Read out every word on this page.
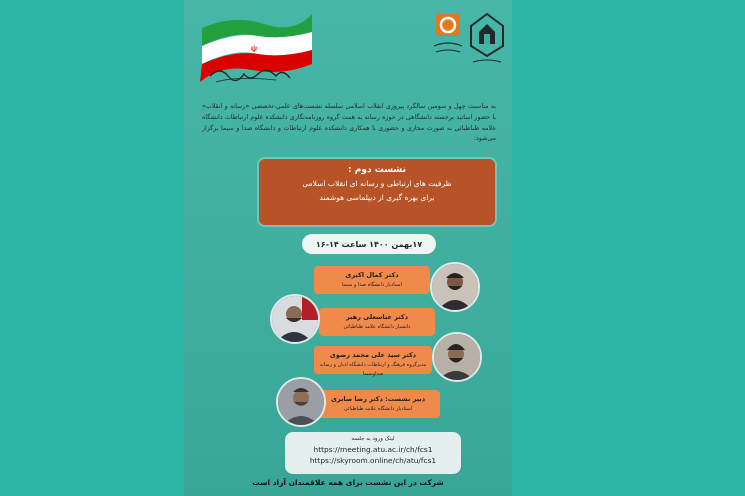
☫

به مناسبت چهل و سومین سالگرد پیروزی انقلاب اسلامی سلسله نشست‌های علمی-تخصصی «رسانه و انقلاب» با حضور اساتید برجسته دانشگاهی در حوزه رسانه به همت گروه روزنامه‌نگاری دانشکده علوم ارتباطات دانشگاه علامه طباطبائی به صورت مجازی و حضوری با همکاری دانشکده علوم ارتباطات و دانشگاه صدا و سیما برگزار می‌شود:

نشست دوم :
ظرفیت های ارتباطی و رسانه ای انقلاب اسلامی
برای بهره گیری از دیپلماسی هوشمند
۱۷بهمن ۱۴۰۰ ساعت ۱۴-۱۶
دکتر کمال اکبری
استادیار دانشگاه صدا و سیما
دکتر عباسعلی رهبر
دانشیار دانشگاه علامه طباطبائی
دکتر سید علی محمد رضوی
مدیرگروه فرهنگ و ارتباطات دانشگاه ادیان و رسانه صداوسیما
دبیر نشست: دکتر رضا صابری
استادیار دانشگاه علامه طباطبائی
لینک ورود به جلسه
https://meeting.atu.ac.ir/ch/fcs1
https://skyroom.online/ch/atu/fcs1
شرکت در این نشست برای همه علاقمندان آزاد است
